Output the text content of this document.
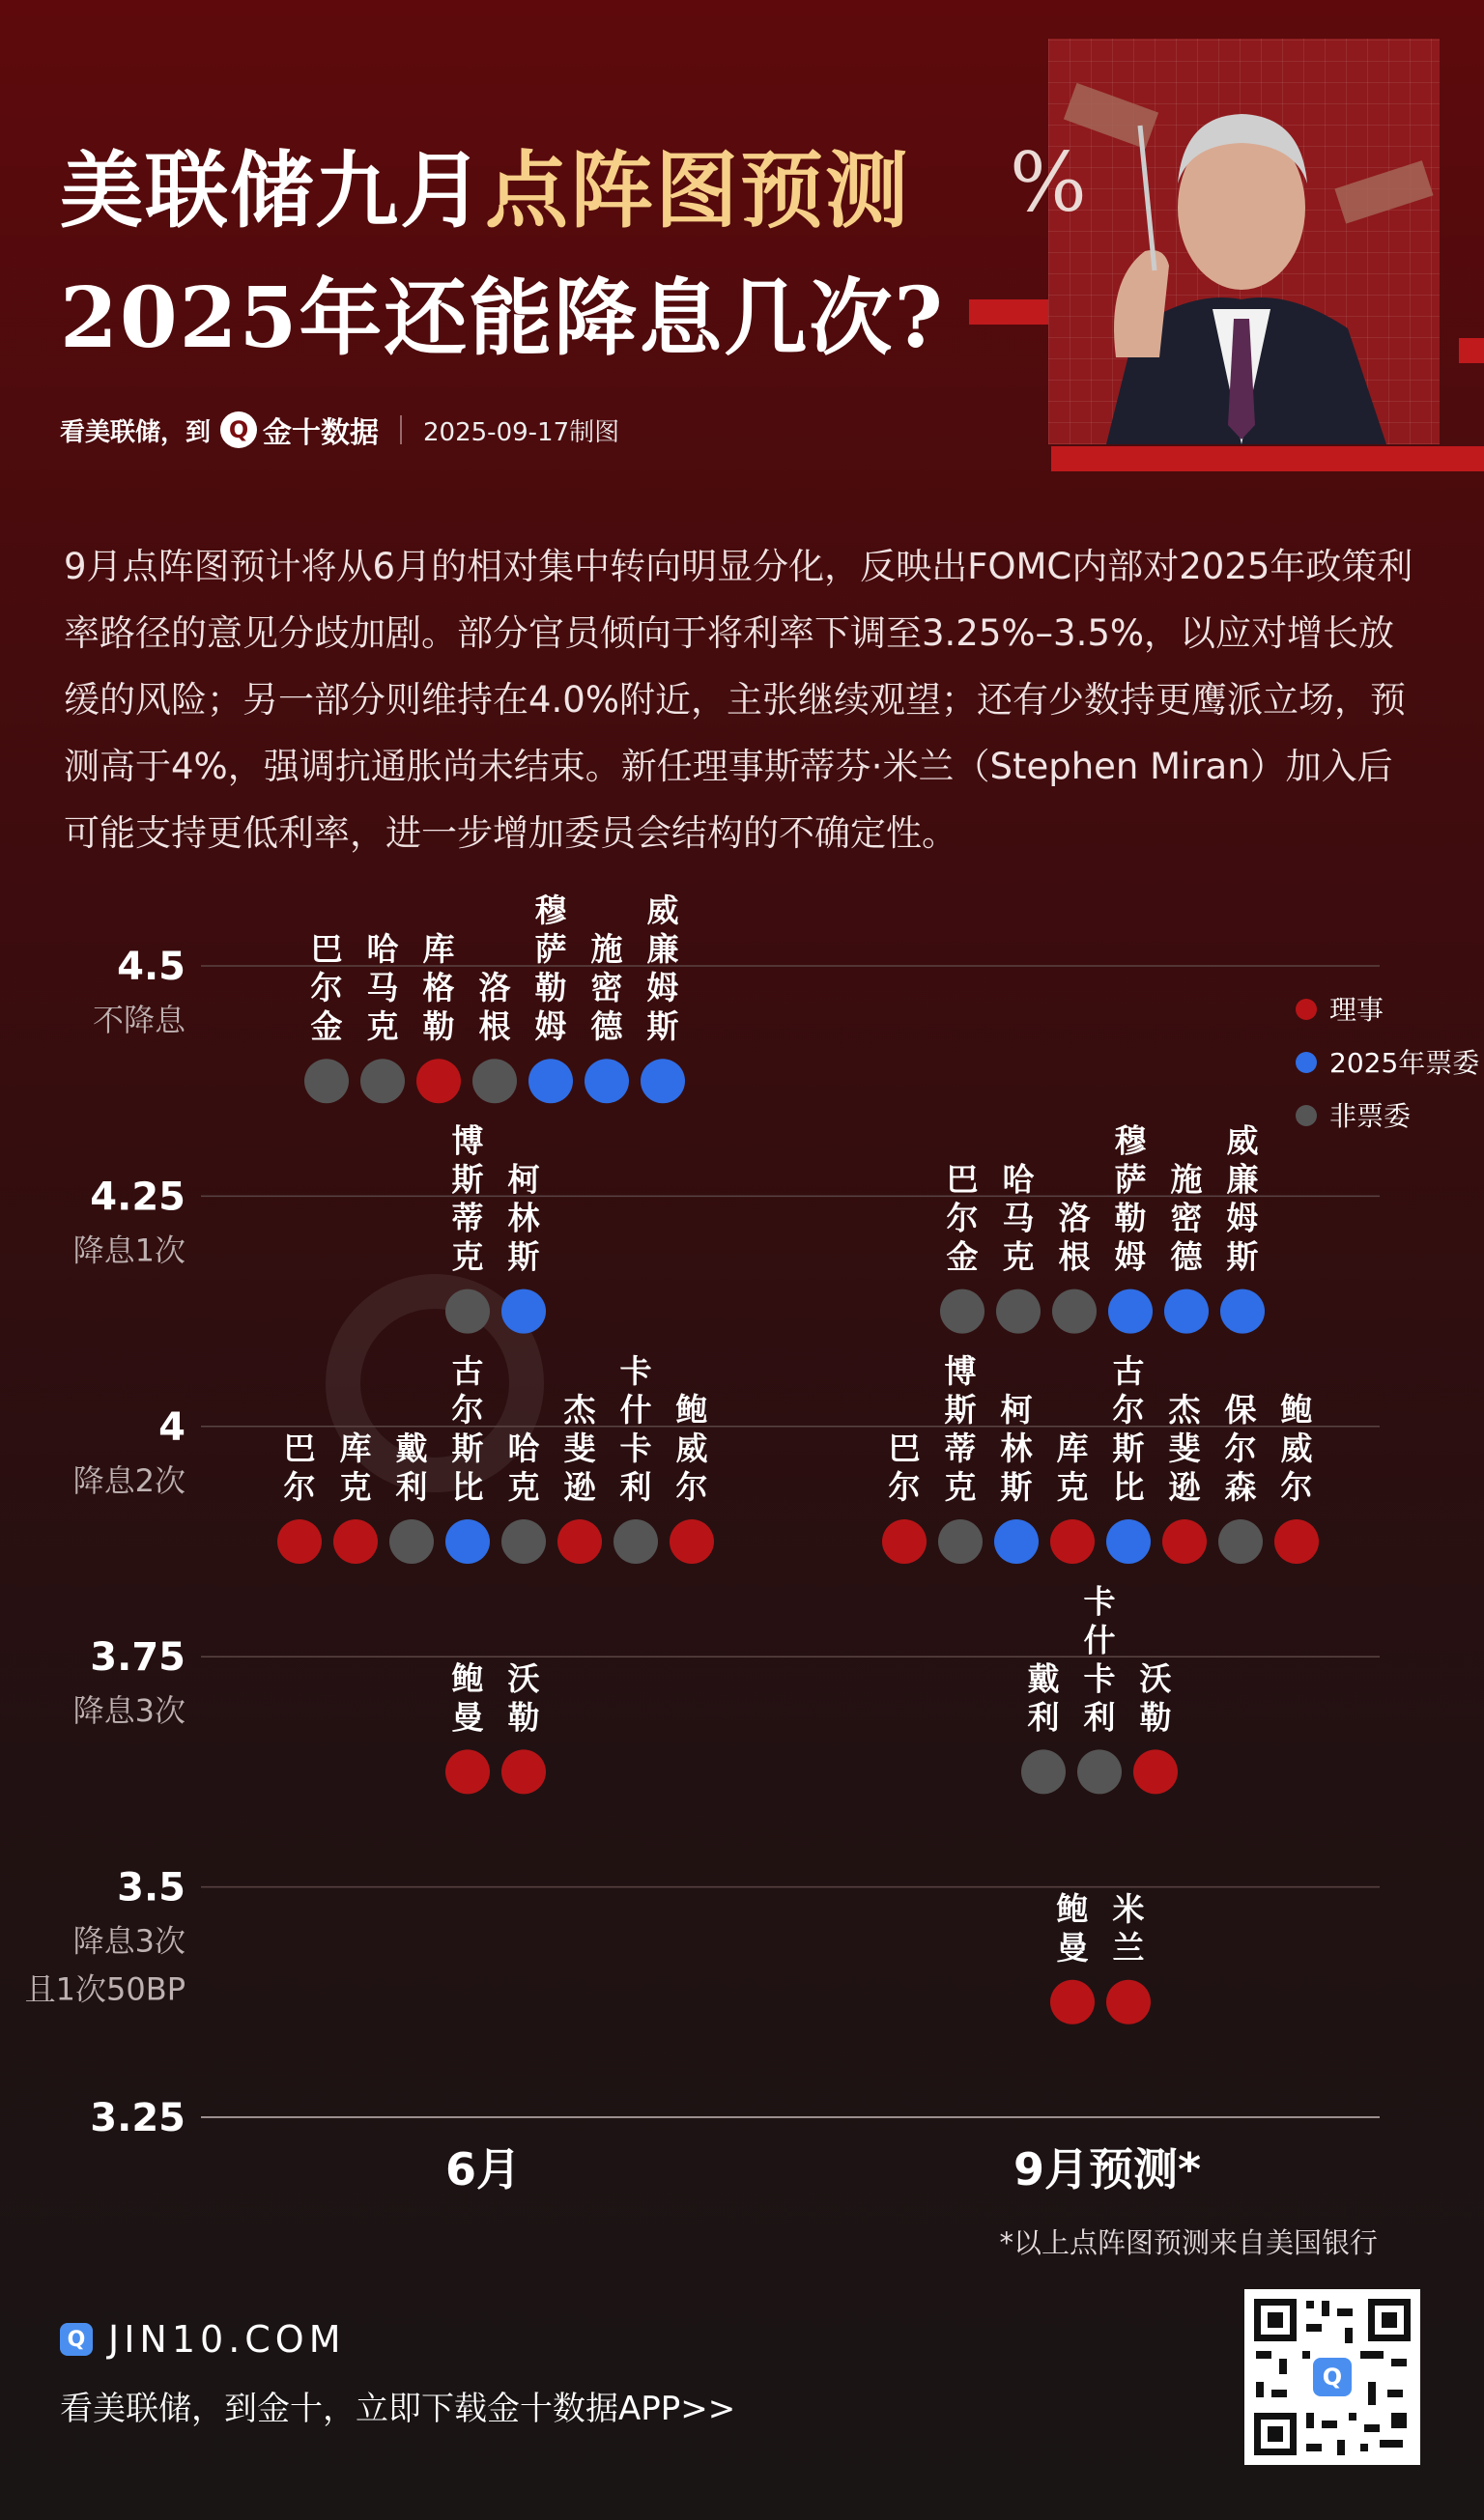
美联储九月点阵图预测
2025年还能降息几次?
看美联储，到 Q 金十数据 2025-09-17制图
%
9月点阵图预计将从6月的相对集中转向明显分化，反映出FOMC内部对2025年政策利率路径的意见分歧加剧。部分官员倾向于将利率下调至3.25%–3.5%，以应对增长放缓的风险；另一部分则维持在4.0%附近，主张继续观望；还有少数持更鹰派立场，预测高于4%，强调抗通胀尚未结束。新任理事斯蒂芬·米兰（Stephen Miran）加入后可能支持更低利率，进一步增加委员会结构的不确定性。
4.5
不降息
4.25
降息1次
4
降息2次
3.75
降息3次
3.5
降息3次
且1次50BP
3.25
6月	9月预测*
理事
2025年票委
非票委
巴
尔
金
哈
马
克
库
格
勒
洛
根
穆
萨
勒
姆
施
密
德
威
廉
姆
斯
博
斯
蒂
克
柯
林
斯
巴
尔
库
克
戴
利
古
尔
斯
比
哈
克
杰
斐
逊
卡
什
卡
利
鲍
威
尔
鲍
曼
沃
勒
巴
尔
金
哈
马
克
洛
根
穆
萨
勒
姆
施
密
德
威
廉
姆
斯
巴
尔
博
斯
蒂
克
柯
林
斯
库
克
古
尔
斯
比
杰
斐
逊
保
尔
森
鲍
威
尔
戴
利
卡
什
卡
利
沃
勒
鲍
曼
米
兰
*以上点阵图预测来自美国银行
Q JIN10.COM
看美联储，到金十，立即下载金十数据APP>>
Q
